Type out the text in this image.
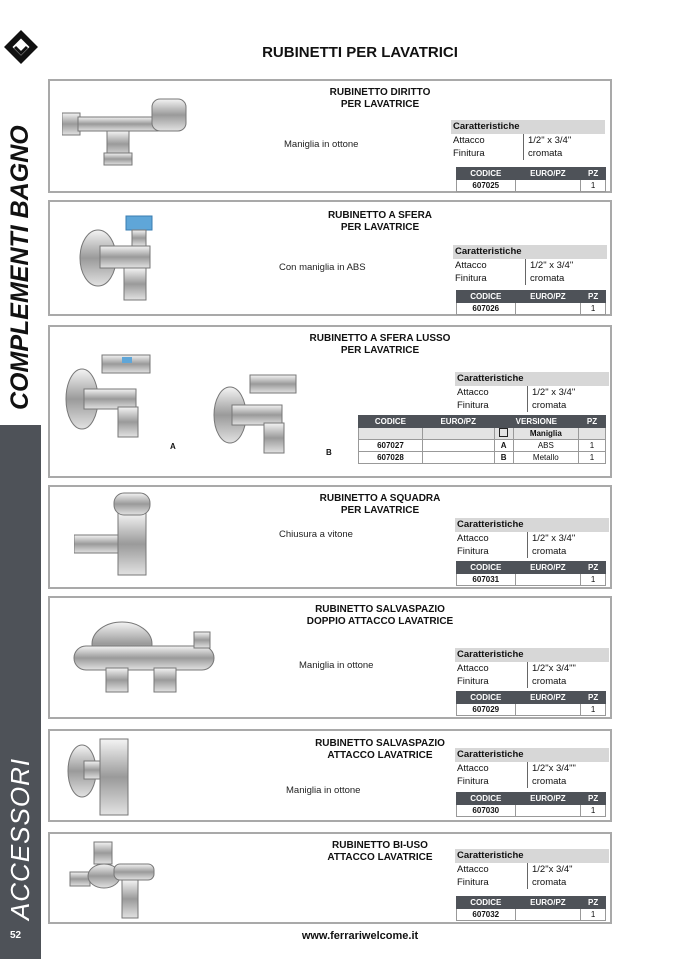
COMPLEMENTI BAGNO
ACCESSORI
52
RUBINETTI PER LAVATRICI
RUBINETTO DIRITTO
PER LAVATRICE
Maniglia in ottone
Caratteristiche
Attacco	1/2" x 3/4"
Finitura	cromata
CODICE	EURO/PZ	PZ
607025		1
RUBINETTO A SFERA
PER LAVATRICE
Con maniglia in ABS
Caratteristiche
Attacco	1/2" x 3/4"
Finitura	cromata
CODICE	EURO/PZ	PZ
607026		1
A
B
RUBINETTO A SFERA LUSSO
PER LAVATRICE
Caratteristiche
Attacco	1/2" x 3/4"
Finitura	cromata
CODICE	EURO/PZ	VERSIONE		PZ
			Maniglia	
607027		A	ABS	1
607028		B	Metallo	1
RUBINETTO A SQUADRA
PER LAVATRICE
Chiusura a vitone
Caratteristiche
Attacco	1/2" x 3/4"
Finitura	cromata
CODICE	EURO/PZ	PZ
607031		1
RUBINETTO SALVASPAZIO
DOPPIO ATTACCO LAVATRICE
Maniglia in ottone
Caratteristiche
Attacco	1/2"x 3/4""
Finitura	cromata
CODICE	EURO/PZ	PZ
607029		1
RUBINETTO SALVASPAZIO
ATTACCO LAVATRICE
Maniglia in ottone
Caratteristiche
Attacco	1/2"x 3/4""
Finitura	cromata
CODICE	EURO/PZ	PZ
607030		1
RUBINETTO BI-USO
ATTACCO LAVATRICE	Caratteristiche
Attacco	1/2"x 3/4"
Finitura	cromata
CODICE	EURO/PZ	PZ
607032		1
www.ferrariwelcome.it
